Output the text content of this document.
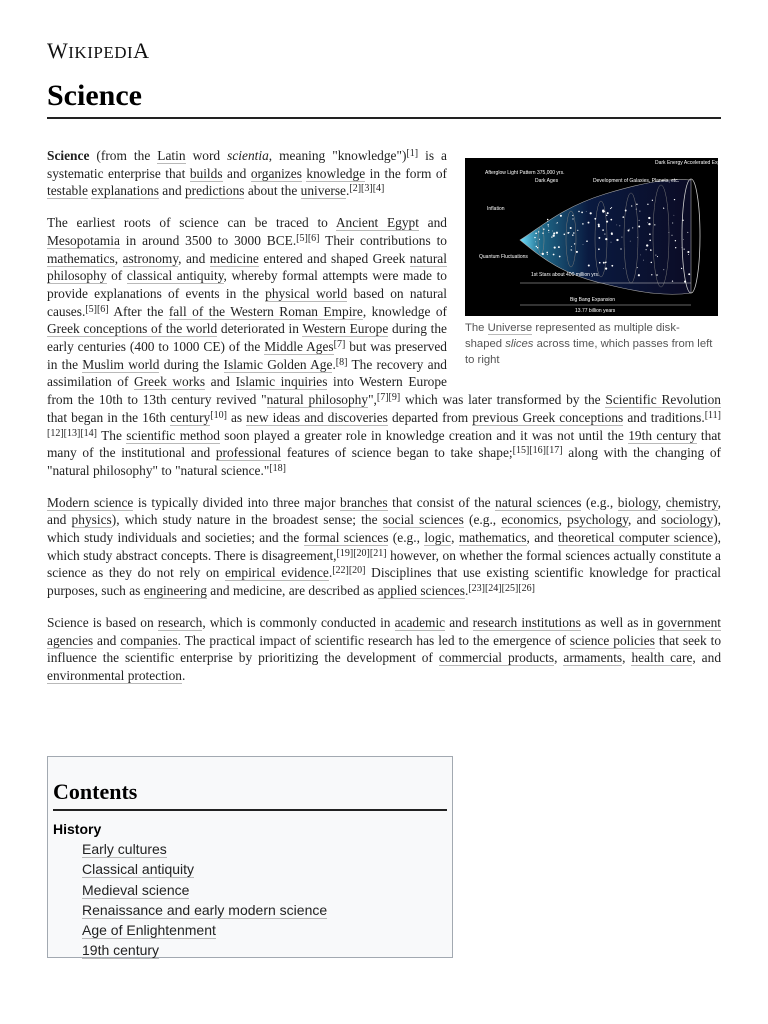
WIKIPEDIA
Science
Dark Energy Accelerated Expansion
Afterglow Light Pattern 375,000 yrs.
Dark Ages	Development of Galaxies, Planets, etc.
Inflation
Quantum Fluctuations
1st Stars about 400 million yrs.
Big Bang Expansion
13.77 billion years
The Universe represented as multiple disk-shaped slices across time, which passes from left to right

Science (from the Latin word scientia, meaning "knowledge")[1] is a systematic enterprise that builds and organizes knowledge in the form of testable explanations and predictions about the universe.[2][3][4]

The earliest roots of science can be traced to Ancient Egypt and Mesopotamia in around 3500 to 3000 BCE.[5][6] Their contributions to mathematics, astronomy, and medicine entered and shaped Greek natural philosophy of classical antiquity, whereby formal attempts were made to provide explanations of events in the physical world based on natural causes.[5][6] After the fall of the Western Roman Empire, knowledge of Greek conceptions of the world deteriorated in Western Europe during the early centuries (400 to 1000 CE) of the Middle Ages[7] but was preserved in the Muslim world during the Islamic Golden Age.[8] The recovery and assimilation of Greek works and Islamic inquiries into Western Europe from the 10th to 13th century revived "natural philosophy",[7][9] which was later transformed by the Scientific Revolution that began in the 16th century[10] as new ideas and discoveries departed from previous Greek conceptions and traditions.[11][12][13][14] The scientific method soon played a greater role in knowledge creation and it was not until the 19th century that many of the institutional and professional features of science began to take shape;[15][16][17] along with the changing of "natural philosophy" to "natural science."[18]

Modern science is typically divided into three major branches that consist of the natural sciences (e.g., biology, chemistry, and physics), which study nature in the broadest sense; the social sciences (e.g., economics, psychology, and sociology), which study individuals and societies; and the formal sciences (e.g., logic, mathematics, and theoretical computer science), which study abstract concepts. There is disagreement,[19][20][21] however, on whether the formal sciences actually constitute a science as they do not rely on empirical evidence.[22][20] Disciplines that use existing scientific knowledge for practical purposes, such as engineering and medicine, are described as applied sciences.[23][24][25][26]

Science is based on research, which is commonly conducted in academic and research institutions as well as in government agencies and companies. The practical impact of scientific research has led to the emergence of science policies that seek to influence the scientific enterprise by prioritizing the development of commercial products, armaments, health care, and environmental protection.

Contents
History
Early cultures
Classical antiquity
Medieval science
Renaissance and early modern science
Age of Enlightenment
19th century
